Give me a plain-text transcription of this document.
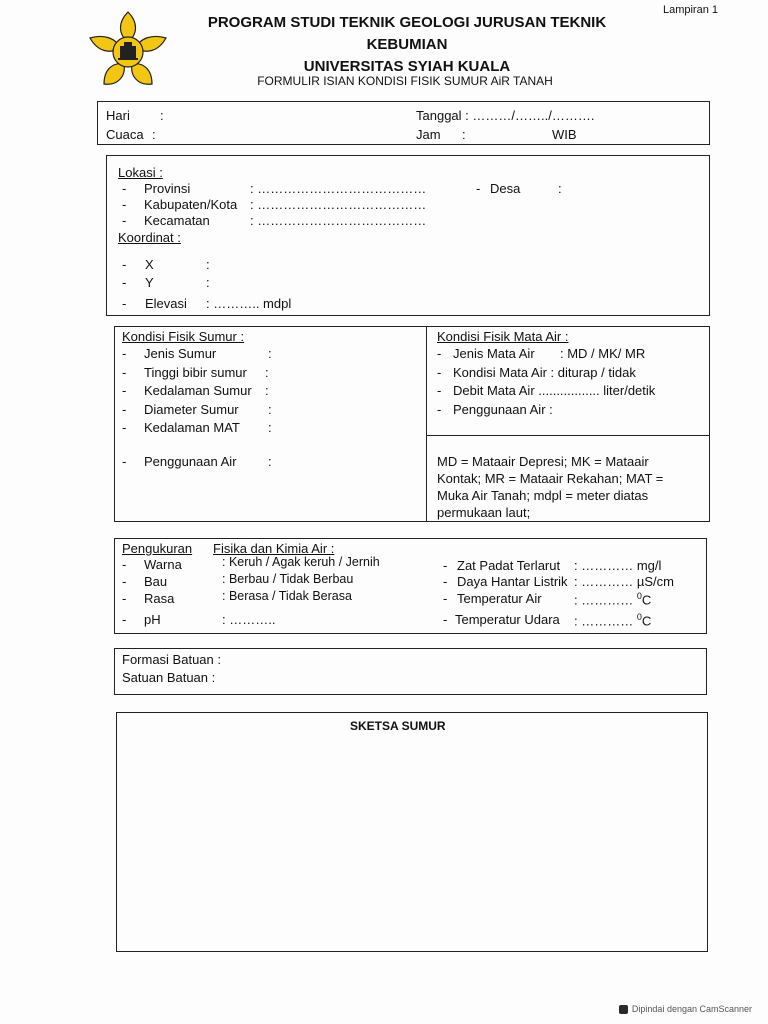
Lampiran 1
PROGRAM STUDI TEKNIK GEOLOGI JURUSAN TEKNIK KEBUMIAN
UNIVERSITAS SYIAH KUALA
FORMULIR ISIAN KONDISI FISIK SUMUR AiR TANAH
Hari :
Cuaca :
Tanggal : ………/……../……….
Jam :	WIB
Lokasi :
- Provinsi	: …………………………………	- Desa	:
- Kabupaten/Kota : …………………………………
- Kecamatan	: …………………………………
Koordinat :
- X	:
- Y	:
- Elevasi : ……….. mdpl
Kondisi Fisik Sumur :
- Jenis Sumur	:
- Tinggi bibir sumur :
- Kedalaman Sumur :
- Diameter Sumur :
- Kedalaman MAT :
- Penggunaan Air :
Kondisi Fisik Mata Air :
- Jenis Mata Air : MD / MK/ MR
- Kondisi Mata Air : diturap / tidak
- Debit Mata Air ................. liter/detik
- Penggunaan Air :
MD = Mataair Depresi; MK = Mataair
Kontak; MR = Mataair Rekahan; MAT =
Muka Air Tanah; mdpl = meter diatas
permukaan laut;
Pengukuran Fisika dan Kimia Air :
- Warna	: Keruh / Agak keruh / Jernih
- Bau	: Berbau / Tidak Berbau
- Rasa	: Berasa / Tidak Berasa
- pH	: ………..
- Zat Padat Terlarut : ………… mg/l
- Daya Hantar Listrik : ………… µS/cm
- Temperatur Air : ………… $^0$C
- Temperatur Udara : ………… $^0$C
Formasi Batuan :
Satuan Batuan :
SKETSA SUMUR
Dipindai dengan CamScanner
